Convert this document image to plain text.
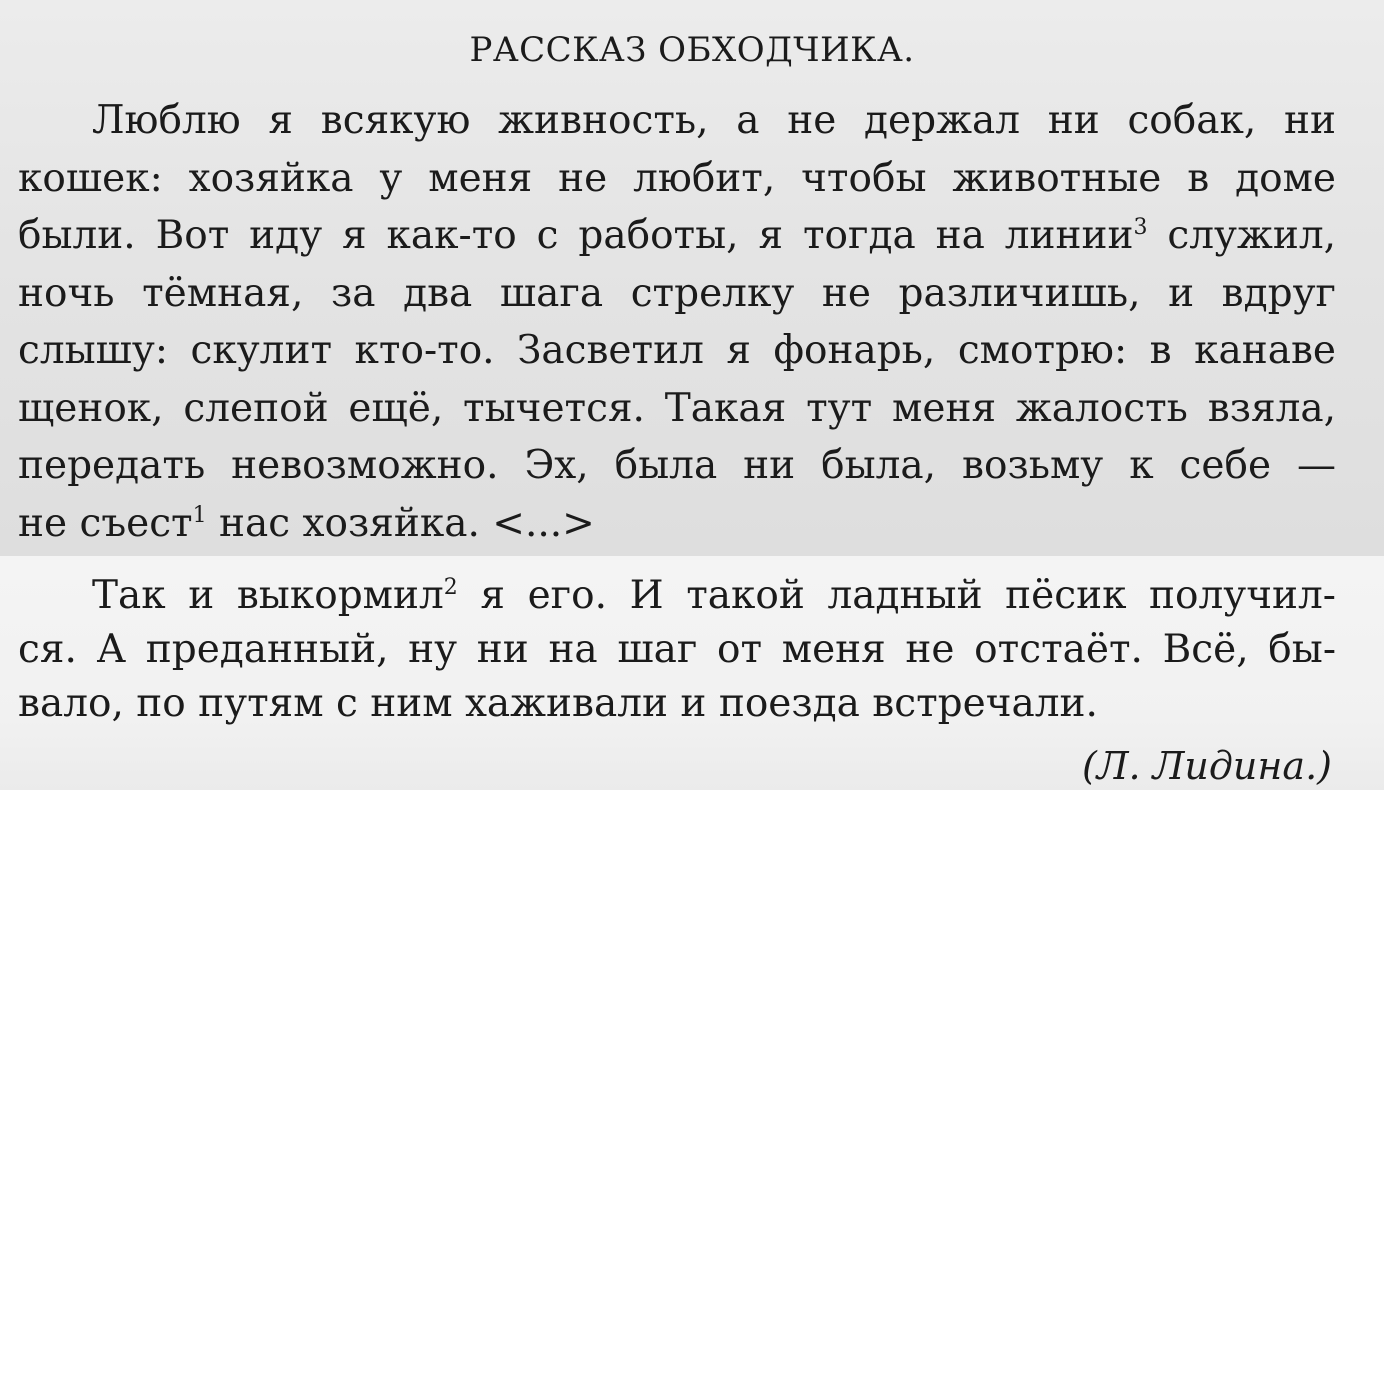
РАССКАЗ ОБХОДЧИКА.
Люблю я всякую живность, а не держал ни собак, ни
кошек: хозяйка у меня не любит, чтобы животные в доме
были. Вот иду я как-то с работы, я тогда на линии$^3$ служил,
ночь тёмная, за два шага стрелку не различишь, и вдруг
слышу: скулит кто-то. Засветил я фонарь, смотрю: в канаве
щенок, слепой ещё, тычется. Такая тут меня жалость взяла,
передать невозможно. Эх, была ни была, возьму к себе —
не съест$^1$ нас хозяйка. <...>
Так и выкормил$^2$ я его. И такой ладный пёсик получил-
ся. А преданный, ну ни на шаг от меня не отстаёт. Всё, бы-
вало, по путям с ним хаживали и поезда встречали.
(Л. Лидина.)
